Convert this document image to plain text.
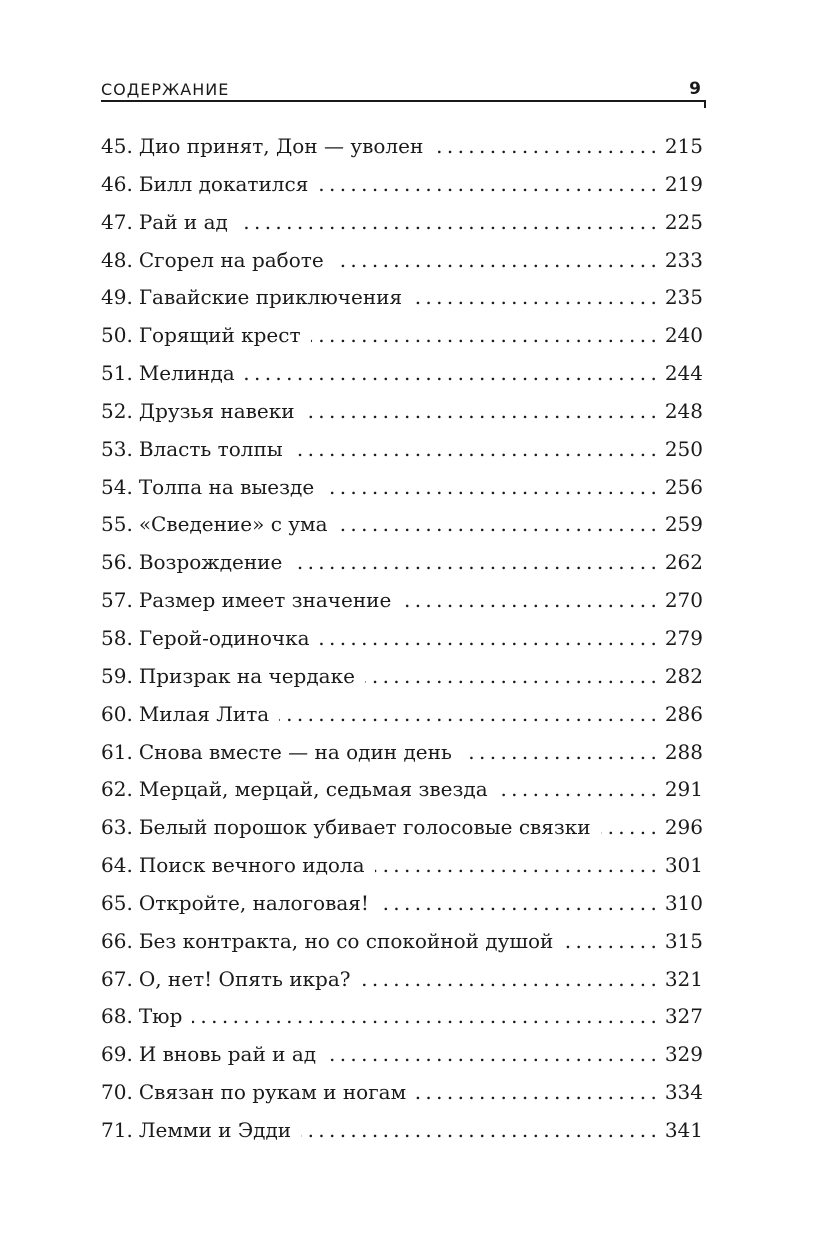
СОДЕРЖАНИЕ	9
45. Дио принят, Дон — уволен . . .	215
46. Билл докатился . . .	219
47. Рай и ад . . .	225
48. Сгорел на работе . . .	233
49. Гавайские приключения . . .	235
50. Горящий крест . . .	240
51. Мелинда . . .	244
52. Друзья навеки . . .	248
53. Власть толпы . . .	250
54. Толпа на выезде . . .	256
55. «Сведение» с ума . . .	259
56. Возрождение . . .	262
57. Размер имеет значение . . .	270
58. Герой-одиночка . . .	279
59. Призрак на чердаке . . .	282
60. Милая Лита . . .	286
61. Снова вместе — на один день . . .	288
62. Мерцай, мерцай, седьмая звезда . . .	291
63. Белый порошок убивает голосовые связки . . .	296
64. Поиск вечного идола . . .	301
65. Откройте, налоговая! . . .	310
66. Без контракта, но со спокойной душой . . .	315
67. О, нет! Опять икра? . . .	321
68. Тюр . . .	327
69. И вновь рай и ад . . .	329
70. Связан по рукам и ногам . . .	334
71. Лемми и Эдди . . .	341
